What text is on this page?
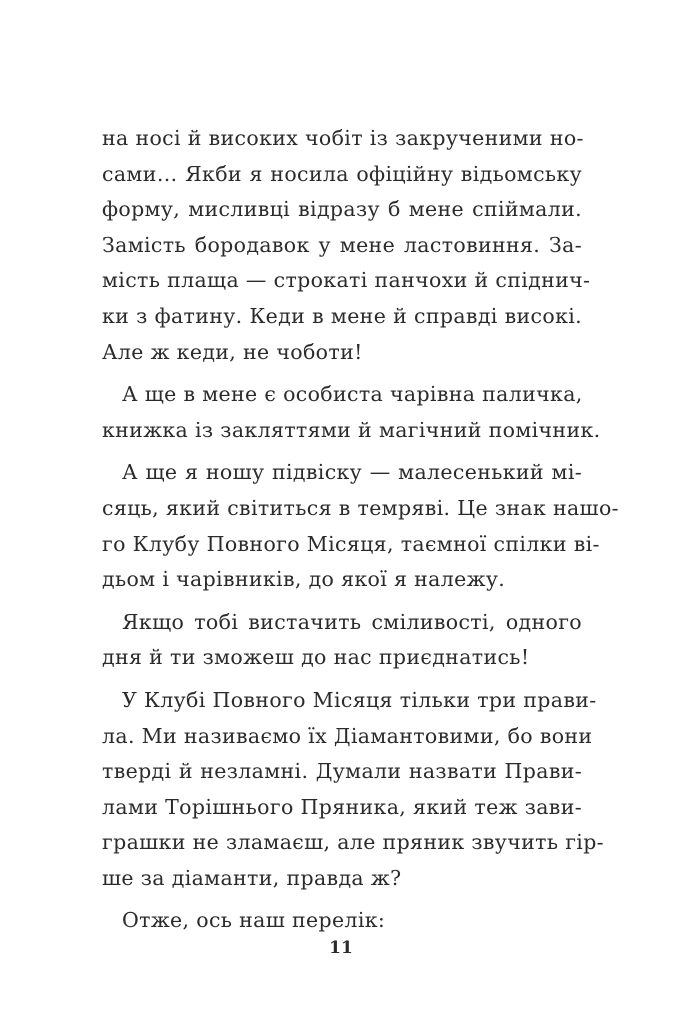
на носі й високих чобіт із закрученими но-
сами… Якби я носила офіційну відьомську
форму, мисливці відразу б мене спіймали.
Замість бородавок у мене ластовиння. За-
мість плаща — строкаті панчохи й спіднич-
ки з фатину. Кеди в мене й справді високі.
Але ж кеди, не чоботи!
А ще в мене є особиста чарівна паличка,
книжка із закляттями й магічний помічник.
А ще я ношу підвіску — малесенький мі-
сяць, який світиться в темряві. Це знак нашо-
го Клубу Повного Місяця, таємної спілки ві-
дьом і чарівників, до якої я належу.
Якщо тобі вистачить сміливості, одного
дня й ти зможеш до нас приєднатись!
У Клубі Повного Місяця тільки три прави-
ла. Ми називаємо їх Діамантовими, бо вони
тверді й незламні. Думали назвати Прави-
лами Торішнього Пряника, який теж зави-
грашки не зламаєш, але пряник звучить гір-
ше за діаманти, правда ж?
Отже, ось наш перелік:
11
